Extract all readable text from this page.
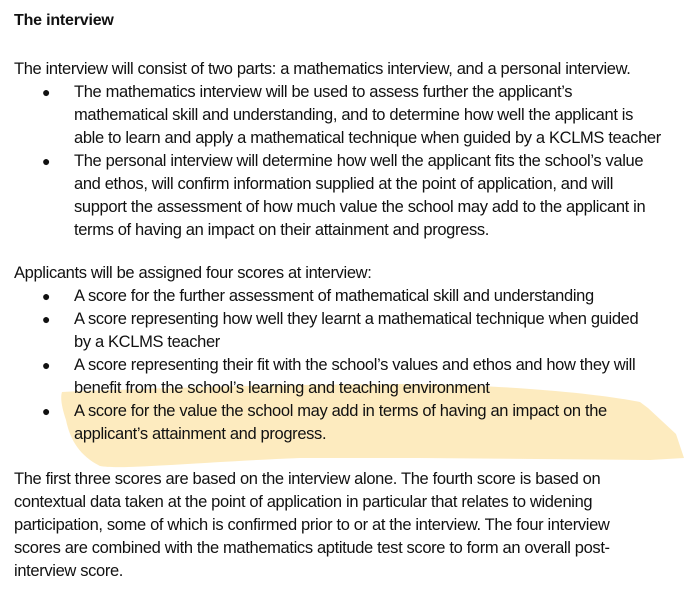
The interview
The interview will consist of two parts: a mathematics interview, and a personal interview.
● The mathematics interview will be used to assess further the applicant’s
mathematical skill and understanding, and to determine how well the applicant is
able to learn and apply a mathematical technique when guided by a KCLMS teacher
● The personal interview will determine how well the applicant fits the school’s value
and ethos, will confirm information supplied at the point of application, and will
support the assessment of how much value the school may add to the applicant in
terms of having an impact on their attainment and progress.
Applicants will be assigned four scores at interview:
● A score for the further assessment of mathematical skill and understanding
● A score representing how well they learnt a mathematical technique when guided
by a KCLMS teacher
● A score representing their fit with the school’s values and ethos and how they will
benefit from the school’s learning and teaching environment
● A score for the value the school may add in terms of having an impact on the
applicant’s attainment and progress.
The first three scores are based on the interview alone. The fourth score is based on
contextual data taken at the point of application in particular that relates to widening
participation, some of which is confirmed prior to or at the interview. The four interview
scores are combined with the mathematics aptitude test score to form an overall post-
interview score.
